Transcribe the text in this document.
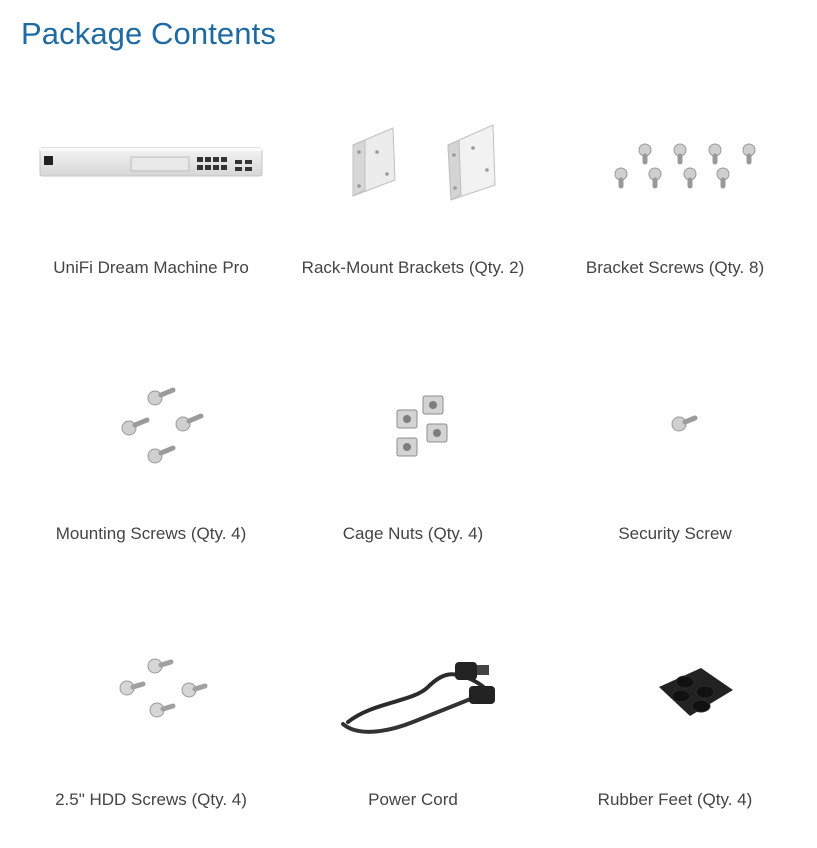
Package Contents
UniFi Dream Machine Pro	Rack-Mount Brackets (Qty. 2)	Bracket Screws (Qty. 8)
Mounting Screws (Qty. 4)	Cage Nuts (Qty. 4)	Security Screw
2.5" HDD Screws (Qty. 4)	Power Cord	Rubber Feet (Qty. 4)
